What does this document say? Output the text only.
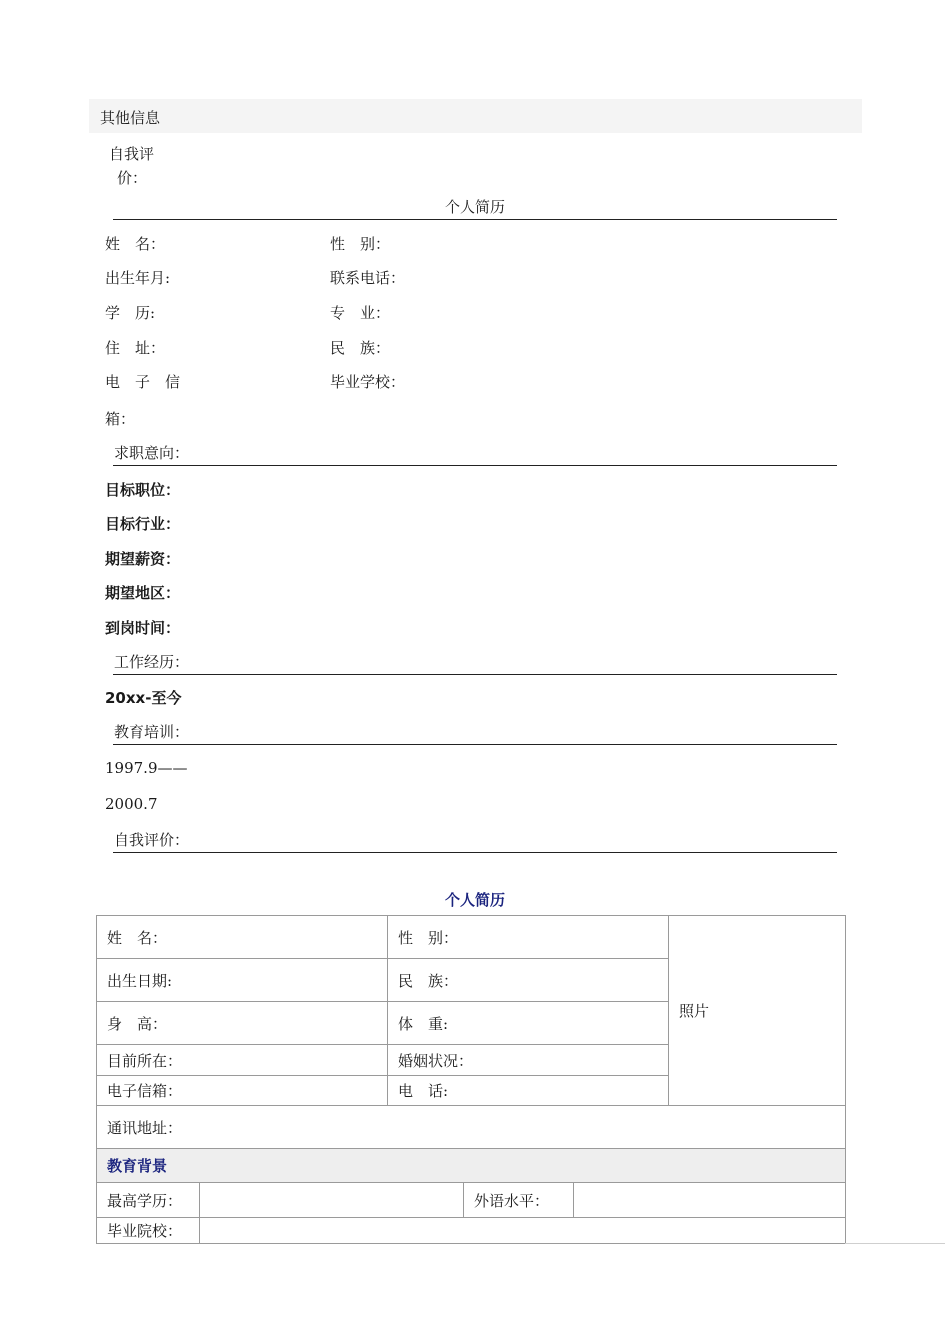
其他信息
自我评
价：
个人简历
姓　名：	性　别：
出生年月:	联系电话：
学　历:	专　业：
住　址：	民　族：
电　子　信	毕业学校：
箱：
求职意向：
目标职位：
目标行业：
期望薪资：
期望地区：
到岗时间：
工作经历：
20xx-至今
教育培训：
1997.9——
2000.7
自我评价：
个人简历
姓　名：	性　别：	照片
出生日期:	民　族：	
身　高：	体　重:	
目前所在：	婚姻状况：	
电子信箱：	电　话:	
通讯地址：		
教育背景		
最高学历：		外语水平：	
毕业院校：			
